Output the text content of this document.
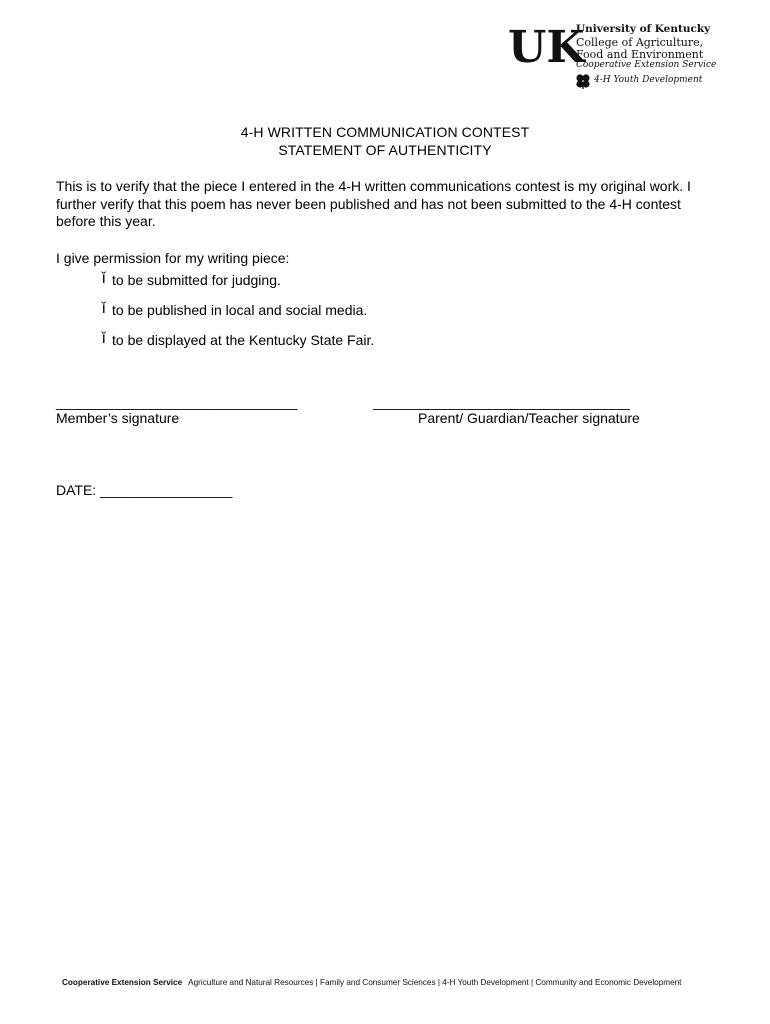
UK
University of Kentucky
College of Agriculture,
Food and Environment
Cooperative Extension Service
4-H Youth Development
4-H WRITTEN COMMUNICATION CONTEST
STATEMENT OF AUTHENTICITY
This is to verify that the piece I entered in the 4-H written communications contest is my original work. I further verify that this poem has never been published and has not been submitted to the 4-H contest before this year.
I give permission for my writing piece:
ǐ to be submitted for judging.
ǐ to be published in local and social media.
ǐ to be displayed at the Kentucky State Fair.
_______________________________	_________________________________
Member’s signature	Parent/ Guardian/Teacher signature
DATE: _________________
Cooperative Extension Service Agriculture and Natural Resources | Family and Consumer Sciences | 4-H Youth Development | Community and Economic Development
